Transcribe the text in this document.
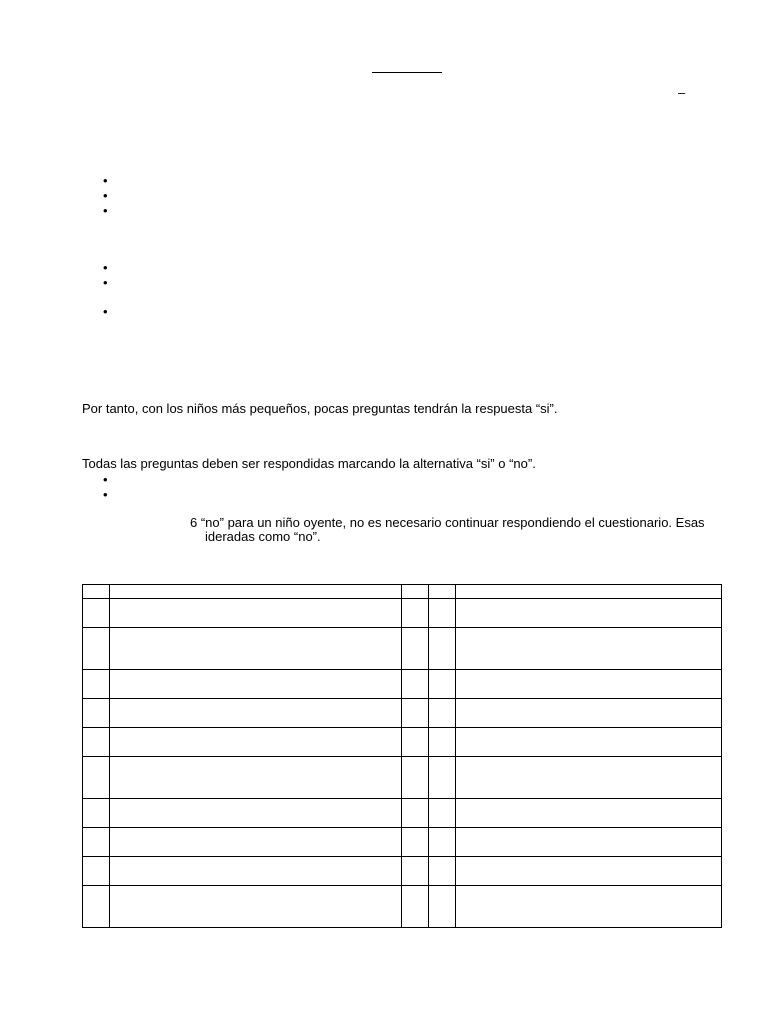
–
•
•
•
•
•
•
Por tanto, con los niños más pequeños, pocas preguntas tendrán la respuesta “si”.
Todas las preguntas deben ser respondidas marcando la alternativa “si” o “no”.
•
•
6 “no” para un niño oyente, no es necesario continuar respondiendo el cuestionario. Esas
ideradas como “no”.
